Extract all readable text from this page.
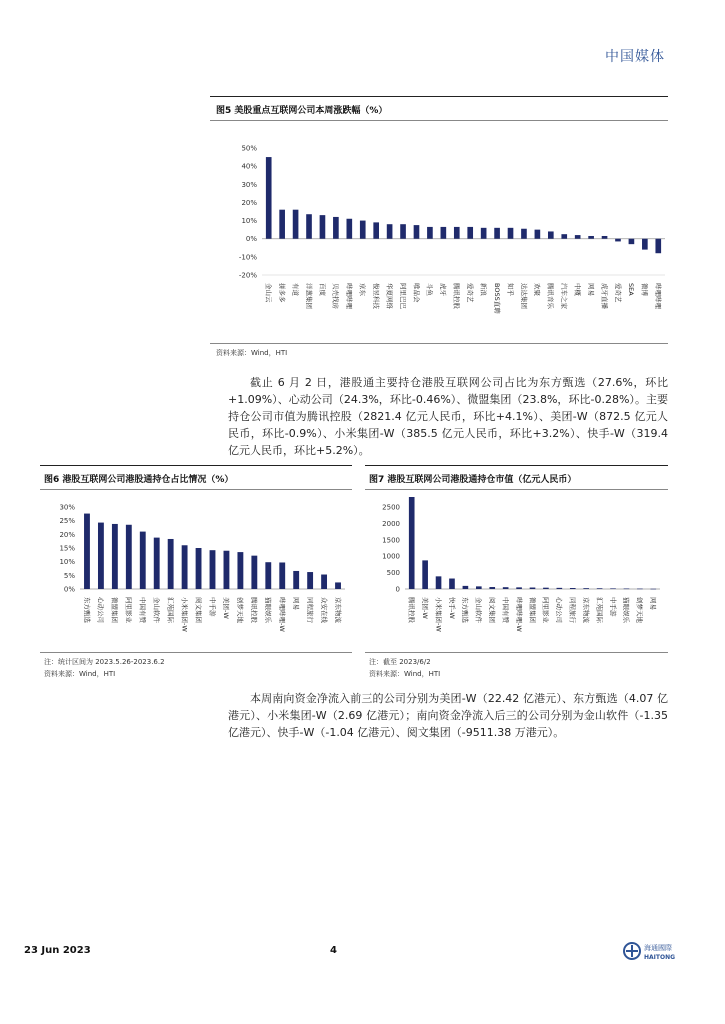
中国媒体
图5 美股重点互联网公司本周涨跌幅（%）
-20%
-10%
0%
10%
20%
30%
40%
50%
金山云 拼多多 有道 洋葱集团 百度 贝壳找房 哔哩哔哩 京东 俊昱科技 华夏网络 阿里巴巴 唯品会 斗鱼 虎牙 腾讯控股 爱奇艺 新浪 BOSS直聘 知乎 达达集团 欢聚 腾讯音乐 汽车之家 中概 网易 虎牙直播 爱奇艺 SEA 微博 哔哩哔哩
资料来源：Wind，HTI

截止 6 月 2 日，港股通主要持仓港股互联网公司占比为东方甄选（27.6%，环比+1.09%）、心动公司（24.3%，环比-0.46%）、微盟集团（23.8%，环比-0.28%）。主要持仓公司市值为腾讯控股（2821.4 亿元人民币，环比+4.1%）、美团-W（872.5 亿元人民币，环比-0.9%）、小米集团-W（385.5 亿元人民币，环比+3.2%）、快手-W（319.4亿元人民币，环比+5.2%）。

图6 港股互联网公司港股通持仓占比情况（%）
0%
5%
10%
15%
20%
25%
30%
东方甄选 心动公司 微盟集团 阿里影业 中国有赞 金山软件 汇苑国际 小米集团-W 阅文集团 中手游 美团-W 创梦天地 腾讯控股 猫眼娱乐 哔哩哔哩-W 网易 同程旅行 众安在线 京东物流
注：统计区间为 2023.5.26-2023.6.2
资料来源：Wind，HTI
图7 港股互联网公司港股通持仓市值（亿元人民币）
0
500
1000
1500
2000
2500
腾讯控股 美团-W 小米集团-W 快手-W 东方甄选 金山软件 阅文集团 中国有赞 哔哩哔哩-W 微盟集团 阿里影业 心动公司 同程旅行 京东物流 汇苑国际 中手游 猫眼娱乐 创梦天地 网易
注：截至 2023/6/2
资料来源：Wind，HTI

本周南向资金净流入前三的公司分别为美团-W（22.42 亿港元）、东方甄选（4.07 亿港元）、小米集团-W（2.69 亿港元）；南向资金净流入后三的公司分别为金山软件（-1.35 亿港元）、快手-W（-1.04 亿港元）、阅文集团（-9511.38 万港元）。

23 Jun 2023	4	海通國際
HAITONG
